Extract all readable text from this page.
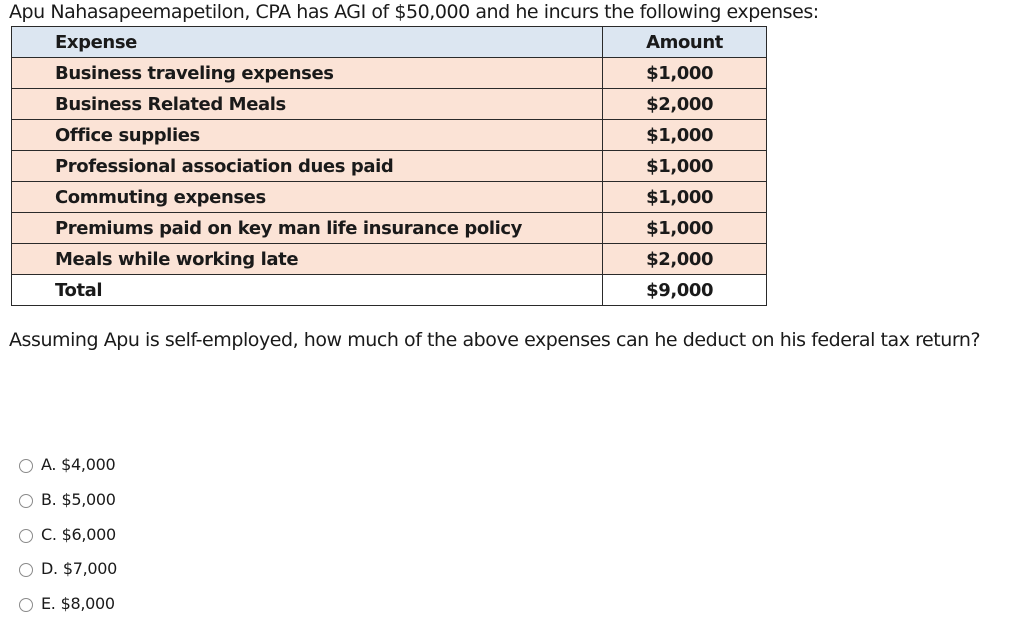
Apu Nahasapeemapetilon, CPA has AGI of $50,000 and he incurs the following expenses:

Expense	Amount
Business traveling expenses	$1,000
Business Related Meals	$2,000
Office supplies	$1,000
Professional association dues paid	$1,000
Commuting expenses	$1,000
Premiums paid on key man life insurance policy	$1,000
Meals while working late	$2,000
Total	$9,000

Assuming Apu is self-employed, how much of the above expenses can he deduct on his federal tax return?

A. $4,000
B. $5,000
C. $6,000
D. $7,000
E. $8,000
